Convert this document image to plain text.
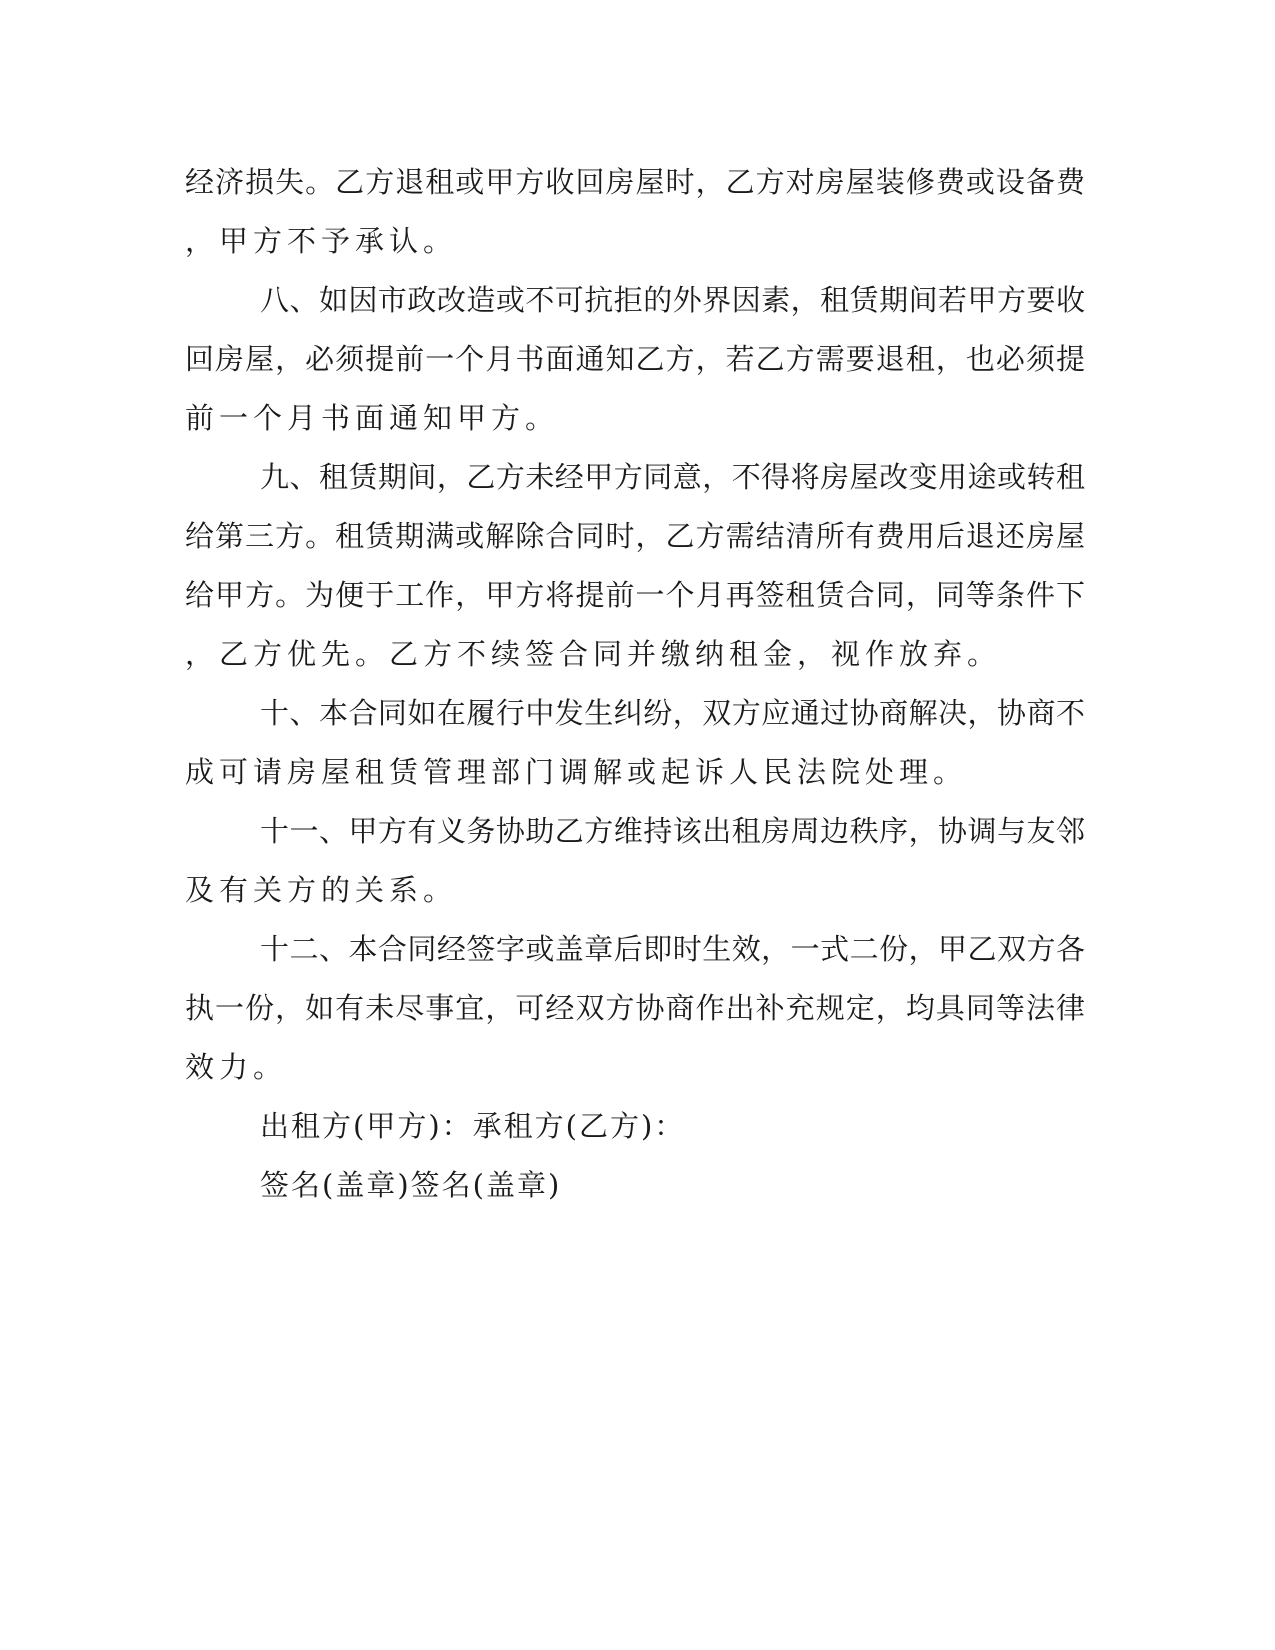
经济损失。乙方退租或甲方收回房屋时，乙方对房屋装修费或设备费
，甲方不予承认。
八、如因市政改造或不可抗拒的外界因素，租赁期间若甲方要收
回房屋，必须提前一个月书面通知乙方，若乙方需要退租，也必须提
前一个月书面通知甲方。
九、租赁期间，乙方未经甲方同意，不得将房屋改变用途或转租
给第三方。租赁期满或解除合同时，乙方需结清所有费用后退还房屋
给甲方。为便于工作，甲方将提前一个月再签租赁合同，同等条件下
，乙方优先。乙方不续签合同并缴纳租金，视作放弃。
十、本合同如在履行中发生纠纷，双方应通过协商解决，协商不
成可请房屋租赁管理部门调解或起诉人民法院处理。
十一、甲方有义务协助乙方维持该出租房周边秩序，协调与友邻
及有关方的关系。
十二、本合同经签字或盖章后即时生效，一式二份，甲乙双方各
执一份，如有未尽事宜，可经双方协商作出补充规定，均具同等法律
效力。
出租方(甲方)：承租方(乙方)：
签名(盖章)签名(盖章)
